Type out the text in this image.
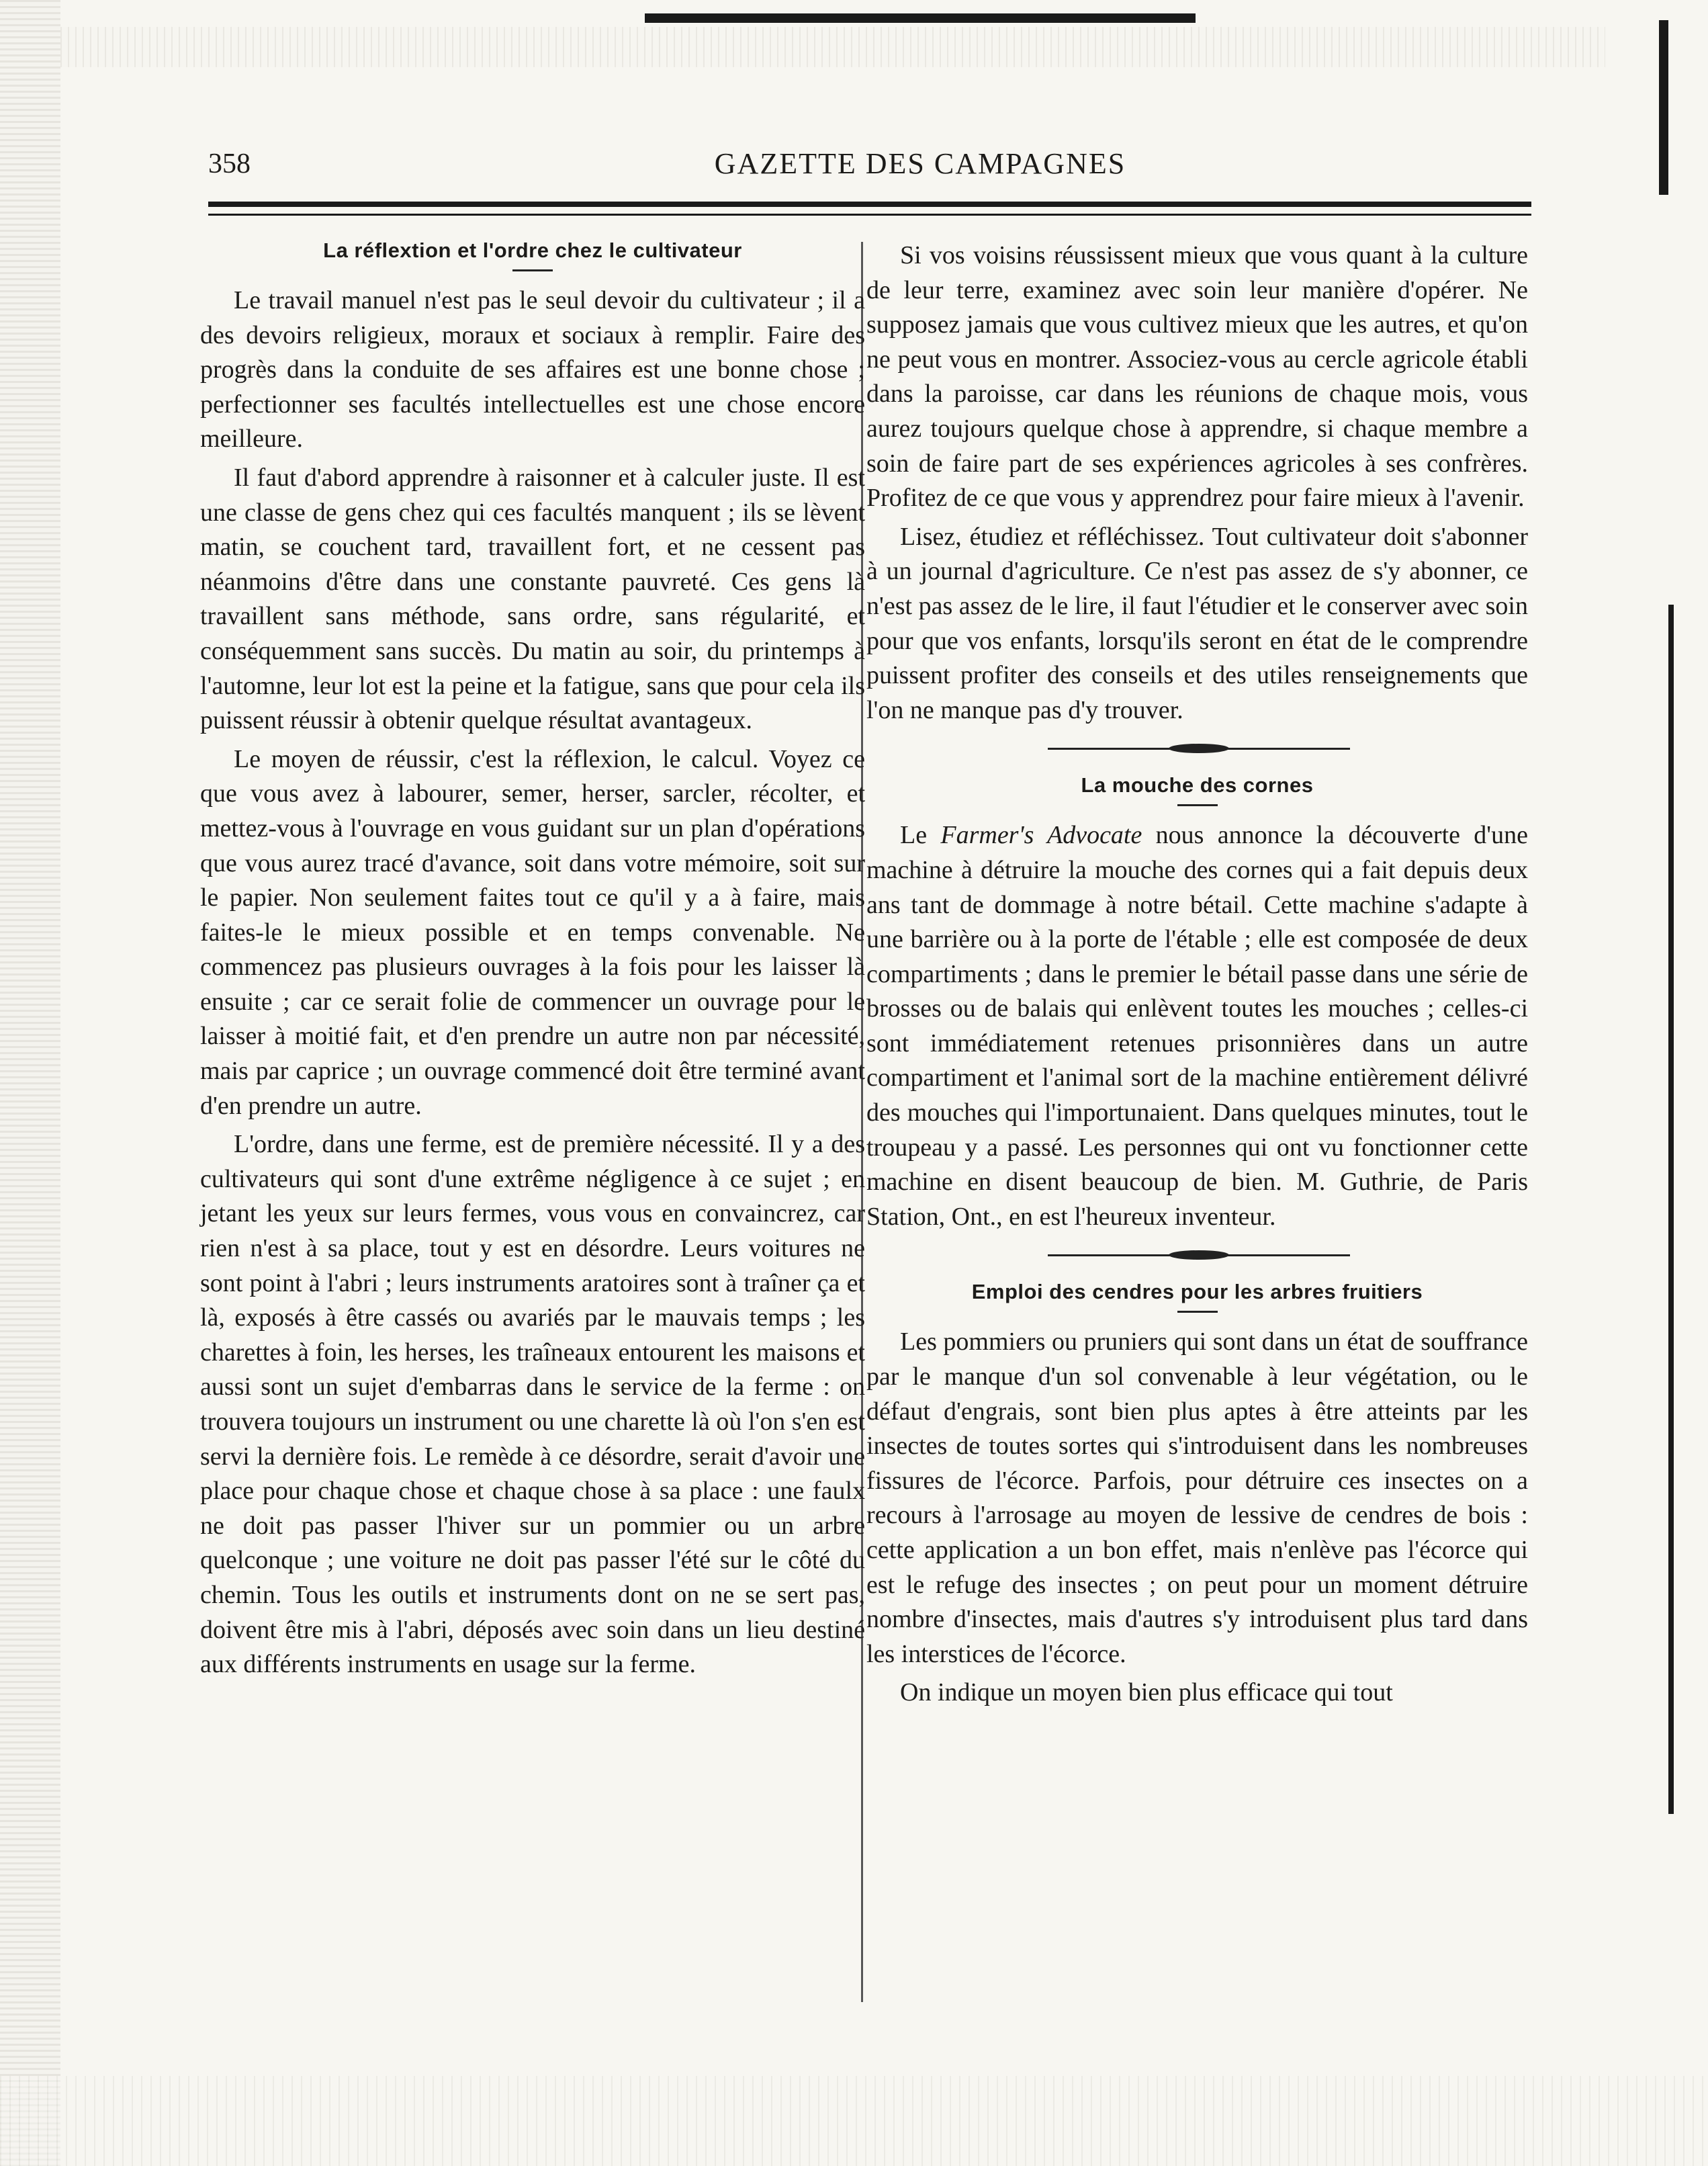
358	GAZETTE DES CAMPAGNES
La réflextion et l'ordre chez le cultivateur

Le travail manuel n'est pas le seul devoir du cultivateur ; il a des devoirs religieux, moraux et sociaux à remplir. Faire des progrès dans la conduite de ses affaires est une bonne chose ; perfectionner ses facultés intellectuelles est une chose encore meilleure.

Il faut d'abord apprendre à raisonner et à calculer juste. Il est une classe de gens chez qui ces facultés manquent ; ils se lèvent matin, se couchent tard, travaillent fort, et ne cessent pas néanmoins d'être dans une constante pauvreté. Ces gens là travaillent sans méthode, sans ordre, sans régularité, et conséquemment sans succès. Du matin au soir, du printemps à l'automne, leur lot est la peine et la fatigue, sans que pour cela ils puissent réussir à obtenir quelque résultat avantageux.

Le moyen de réussir, c'est la réflexion, le calcul. Voyez ce que vous avez à labourer, semer, herser, sarcler, récolter, et mettez-vous à l'ouvrage en vous guidant sur un plan d'opérations que vous aurez tracé d'avance, soit dans votre mémoire, soit sur le papier. Non seulement faites tout ce qu'il y a à faire, mais faites-le le mieux possible et en temps convenable. Ne commencez pas plusieurs ouvrages à la fois pour les laisser là ensuite ; car ce serait folie de commencer un ouvrage pour le laisser à moitié fait, et d'en prendre un autre non par nécessité, mais par caprice ; un ouvrage commencé doit être terminé avant d'en prendre un autre.

L'ordre, dans une ferme, est de première nécessité. Il y a des cultivateurs qui sont d'une extrême négligence à ce sujet ; en jetant les yeux sur leurs fermes, vous vous en convaincrez, car rien n'est à sa place, tout y est en désordre. Leurs voitures ne sont point à l'abri ; leurs instruments aratoires sont à traîner ça et là, exposés à être cassés ou avariés par le mauvais temps ; les charettes à foin, les herses, les traîneaux entourent les maisons et aussi sont un sujet d'embarras dans le service de la ferme : on trouvera toujours un instrument ou une charette là où l'on s'en est servi la dernière fois. Le remède à ce désordre, serait d'avoir une place pour chaque chose et chaque chose à sa place : une faulx ne doit pas passer l'hiver sur un pommier ou un arbre quelconque ; une voiture ne doit pas passer l'été sur le côté du chemin. Tous les outils et instruments dont on ne se sert pas, doivent être mis à l'abri, déposés avec soin dans un lieu destiné aux différents instruments en usage sur la ferme.

Si vos voisins réussissent mieux que vous quant à la culture de leur terre, examinez avec soin leur manière d'opérer. Ne supposez jamais que vous cultivez mieux que les autres, et qu'on ne peut vous en montrer. Associez-vous au cercle agricole établi dans la paroisse, car dans les réunions de chaque mois, vous aurez toujours quelque chose à apprendre, si chaque membre a soin de faire part de ses expériences agricoles à ses confrères. Profitez de ce que vous y apprendrez pour faire mieux à l'avenir.

Lisez, étudiez et réfléchissez. Tout cultivateur doit s'abonner à un journal d'agriculture. Ce n'est pas assez de s'y abonner, ce n'est pas assez de le lire, il faut l'étudier et le conserver avec soin pour que vos enfants, lorsqu'ils seront en état de le comprendre puissent profiter des conseils et des utiles renseignements que l'on ne manque pas d'y trouver.

La mouche des cornes

Le Farmer's Advocate nous annonce la découverte d'une machine à détruire la mouche des cornes qui a fait depuis deux ans tant de dommage à notre bétail. Cette machine s'adapte à une barrière ou à la porte de l'étable ; elle est composée de deux compartiments ; dans le premier le bétail passe dans une série de brosses ou de balais qui enlèvent toutes les mouches ; celles-ci sont immédiatement retenues prisonnières dans un autre compartiment et l'animal sort de la machine entièrement délivré des mouches qui l'importunaient. Dans quelques minutes, tout le troupeau y a passé. Les personnes qui ont vu fonctionner cette machine en disent beaucoup de bien. M. Guthrie, de Paris Station, Ont., en est l'heureux inventeur.

Emploi des cendres pour les arbres fruitiers

Les pommiers ou pruniers qui sont dans un état de souffrance par le manque d'un sol convenable à leur végétation, ou le défaut d'engrais, sont bien plus aptes à être atteints par les insectes de toutes sortes qui s'introduisent dans les nombreuses fissures de l'écorce. Parfois, pour détruire ces insectes on a recours à l'arrosage au moyen de lessive de cendres de bois : cette application a un bon effet, mais n'enlève pas l'écorce qui est le refuge des insectes ; on peut pour un moment détruire nombre d'insectes, mais d'autres s'y introduisent plus tard dans les interstices de l'écorce.

On indique un moyen bien plus efficace qui tout
